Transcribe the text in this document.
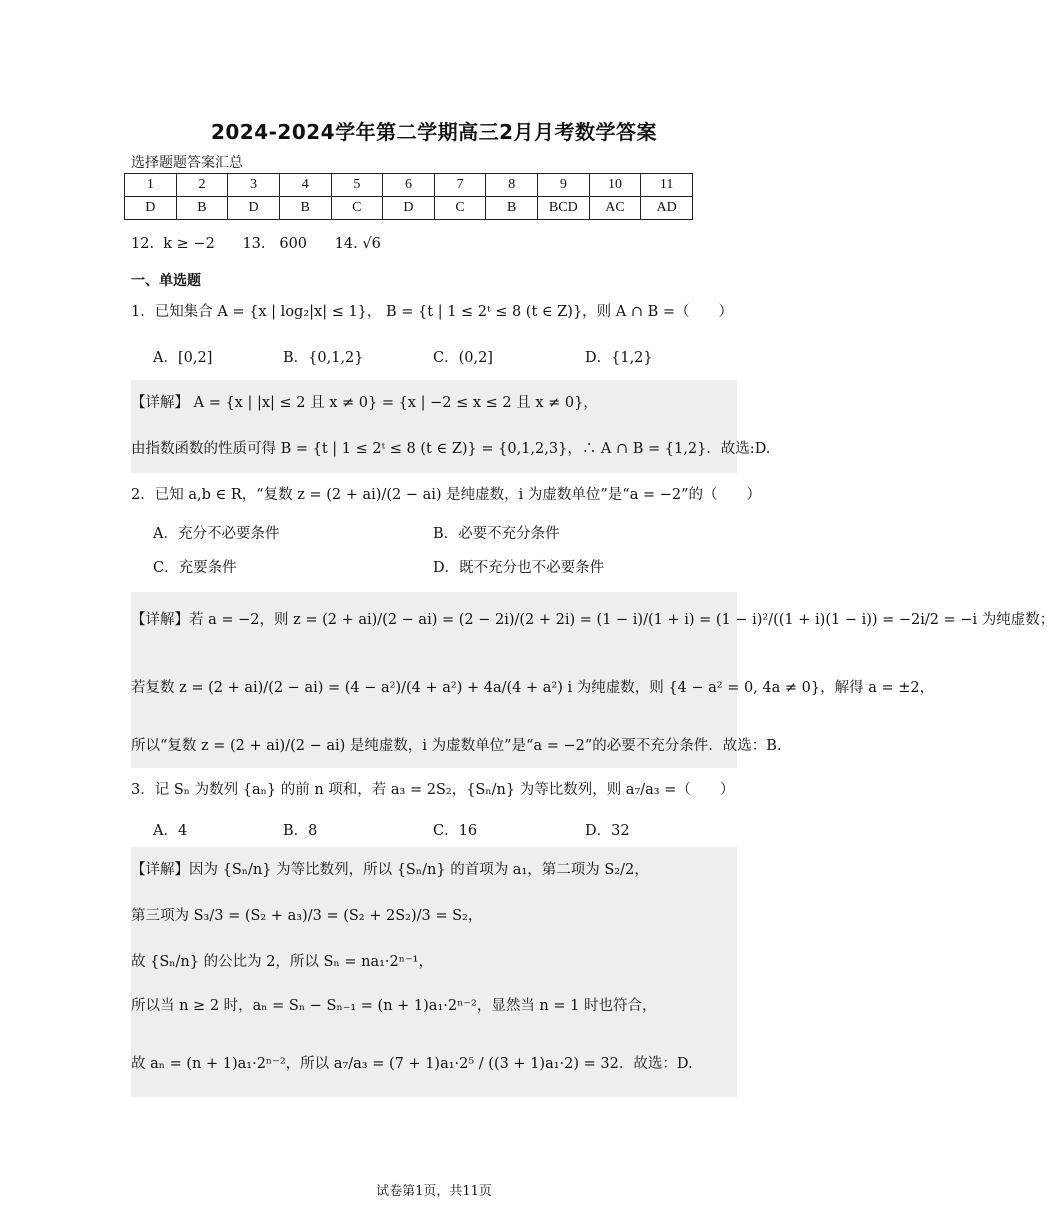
2024-2024学年第二学期高三2月月考数学答案
选择题题答案汇总
1	2	3	4	5	6	7	8	9	10	11
D	B	D	B	C	D	C	B	BCD	AC	AD
12.  k ≥ −2      13.   600      14. √6
一、单选题
1．已知集合 A = {x | log₂|x| ≤ 1}， B = {t | 1 ≤ 2ᵗ ≤ 8 (t ∈ Z)}，则 A ∩ B =（　　）
A．[0,2]	B．{0,1,2}	C．(0,2]	D．{1,2}
【详解】 A = {x | |x| ≤ 2 且 x ≠ 0} = {x | −2 ≤ x ≤ 2 且 x ≠ 0}，
由指数函数的性质可得 B = {t | 1 ≤ 2ᵗ ≤ 8 (t ∈ Z)} = {0,1,2,3}，∴ A ∩ B = {1,2}．故选:D.
2．已知 a,b ∈ R，“复数 z = (2 + ai)/(2 − ai) 是纯虚数，i 为虚数单位”是“a = −2”的（　　）
A．充分不必要条件	B．必要不充分条件
C．充要条件	D．既不充分也不必要条件
【详解】若 a = −2，则 z = (2 + ai)/(2 − ai) = (2 − 2i)/(2 + 2i) = (1 − i)/(1 + i) = (1 − i)²/((1 + i)(1 − i)) = −2i/2 = −i 为纯虚数；
若复数 z = (2 + ai)/(2 − ai) = (4 − a²)/(4 + a²) + 4a/(4 + a²) i 为纯虚数，则 {4 − a² = 0, 4a ≠ 0}，解得 a = ±2，
所以“复数 z = (2 + ai)/(2 − ai) 是纯虚数，i 为虚数单位”是“a = −2”的必要不充分条件．故选：B.
3．记 Sₙ 为数列 {aₙ} 的前 n 项和，若 a₃ = 2S₂，{Sₙ/n} 为等比数列，则 a₇/a₃ =（　　）
A．4	B．8	C．16	D．32
【详解】因为 {Sₙ/n} 为等比数列，所以 {Sₙ/n} 的首项为 a₁，第二项为 S₂/2，
第三项为 S₃/3 = (S₂ + a₃)/3 = (S₂ + 2S₂)/3 = S₂，
故 {Sₙ/n} 的公比为 2，所以 Sₙ = na₁·2ⁿ⁻¹，
所以当 n ≥ 2 时，aₙ = Sₙ − Sₙ₋₁ = (n + 1)a₁·2ⁿ⁻²，显然当 n = 1 时也符合，
故 aₙ = (n + 1)a₁·2ⁿ⁻²，所以 a₇/a₃ = (7 + 1)a₁·2⁵ / ((3 + 1)a₁·2) = 32．故选：D.
试卷第1页，共11页
